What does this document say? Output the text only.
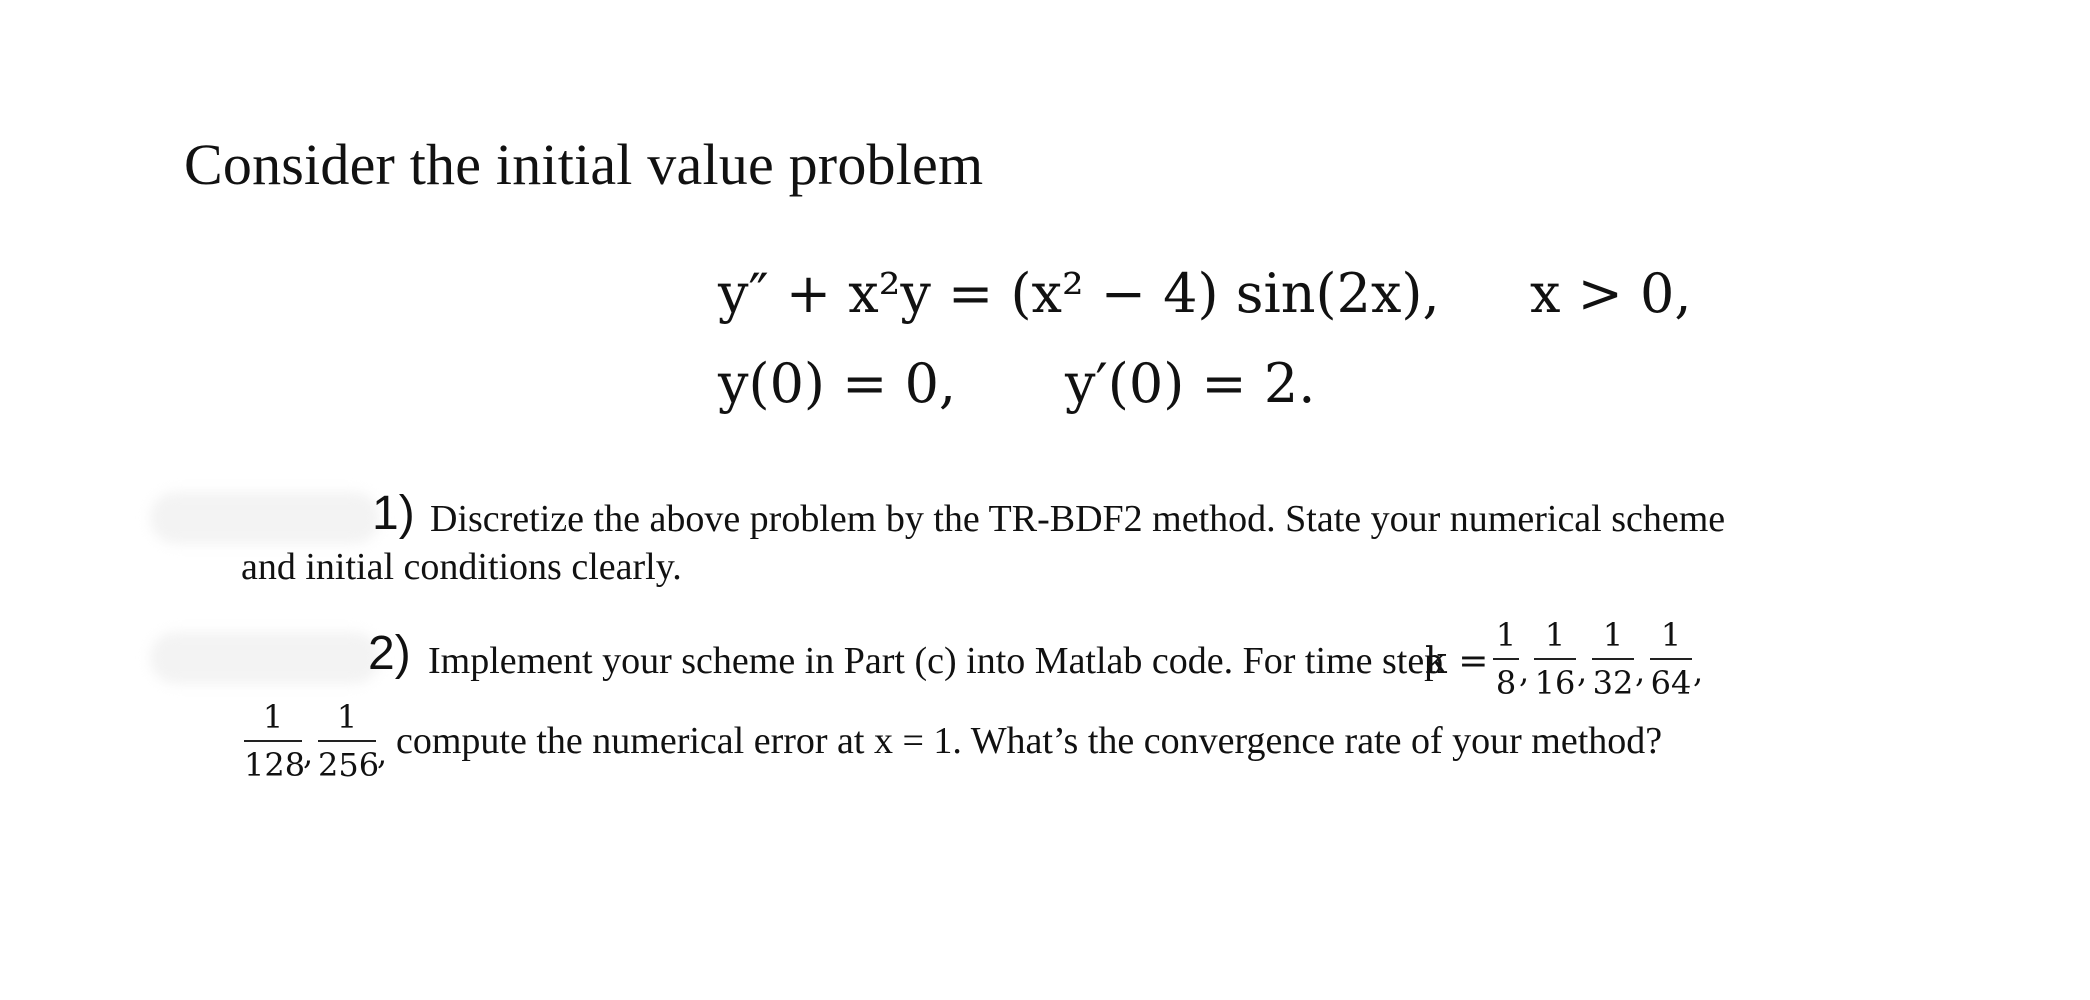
Consider the initial value problem
y″ + x²y = (x² − 4) sin(2x), x > 0,
y(0) = 0, y′(0) = 2.
1) Discretize the above problem by the TR-BDF2 method. State your numerical scheme
and initial conditions clearly.
2) Implement your scheme in Part (c) into Matlab code. For time step
k =
1
8 ,
1
16 ,
1
32 ,
1
64 ,
1
128
,
1
256
, compute the numerical error at x = 1. What’s the convergence rate of your method?
